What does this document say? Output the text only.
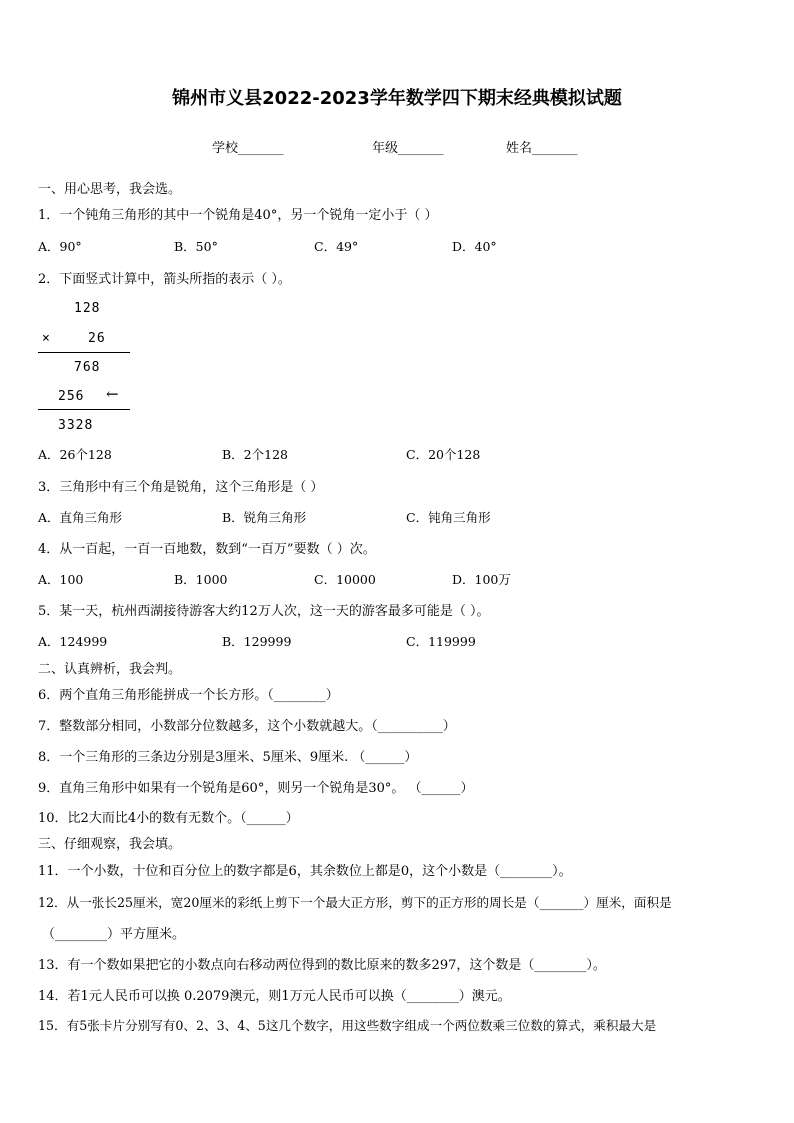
锦州市义县2022-2023学年数学四下期末经典模拟试题
学校_______	年级_______	姓名_______
一、用心思考，我会选。
1．一个钝角三角形的其中一个锐角是40°，另一个锐角一定小于（ ）
A．90°	B．50°	C．49°	D．40°
2．下面竖式计算中，箭头所指的表示（ ）。
128
×	26
768
256 ←
3328
A．26个128	B．2个128	C．20个128
3．三角形中有三个角是锐角，这个三角形是（ ）
A．直角三角形	B．锐角三角形	C．钝角三角形
4．从一百起，一百一百地数，数到“一百万”要数（ ）次。
A．100	B．1000	C．10000	D．100万
5．某一天，杭州西湖接待游客大约12万人次，这一天的游客最多可能是（ ）。
A．124999	B．129999	C．119999
二、认真辨析，我会判。
6．两个直角三角形能拼成一个长方形。（________）
7．整数部分相同，小数部分位数越多，这个小数就越大。（__________）
8．一个三角形的三条边分别是3厘米、5厘米、9厘米. （______）
9．直角三角形中如果有一个锐角是60°，则另一个锐角是30°。 （______）
10．比2大而比4小的数有无数个。（______）
三、仔细观察，我会填。
11．一个小数，十位和百分位上的数字都是6，其余数位上都是0，这个小数是（________）。
12．从一张长25厘米，宽20厘米的彩纸上剪下一个最大正方形，剪下的正方形的周长是（_______）厘米，面积是
（________）平方厘米。
13．有一个数如果把它的小数点向右移动两位得到的数比原来的数多297，这个数是（________）。
14．若1元人民币可以换 0.2079澳元，则1万元人民币可以换（________）澳元。
15．有5张卡片分别写有0、2、3、4、5这几个数字，用这些数字组成一个两位数乘三位数的算式，乘积最大是
